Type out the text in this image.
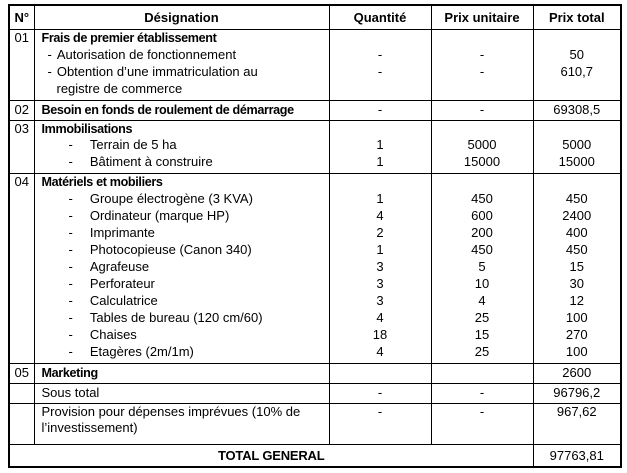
N°	Désignation	Quantité	Prix unitaire	Prix total
01	Frais de premier établissement			
	- Autorisation de fonctionnement	-	-	50
	- Obtention d’une immatriculation au	-	-	610,7
	registre de commerce			
02	Besoin en fonds de roulement de démarrage	-	-	69308,5
03	Immobilisations			
	- Terrain de 5 ha	1	5000	5000
	- Bâtiment à construire	1	15000	15000
04	Matériels et mobiliers			
	- Groupe électrogène (3 KVA)	1	450	450
	- Ordinateur (marque HP)	4	600	2400
	- Imprimante	2	200	400
	- Photocopieuse (Canon 340)	1	450	450
	- Agrafeuse	3	5	15
	- Perforateur	3	10	30
	- Calculatrice	3	4	12
	- Tables de bureau (120 cm/60)	4	25	100
	- Chaises	18	15	270
	- Etagères (2m/1m)	4	25	100
05	Marketing			2600
	Sous total	-	-	96796,2
	Provision pour dépenses imprévues (10% de	-	-	967,62
	l’investissement)			
TOTAL GENERAL				97763,81
